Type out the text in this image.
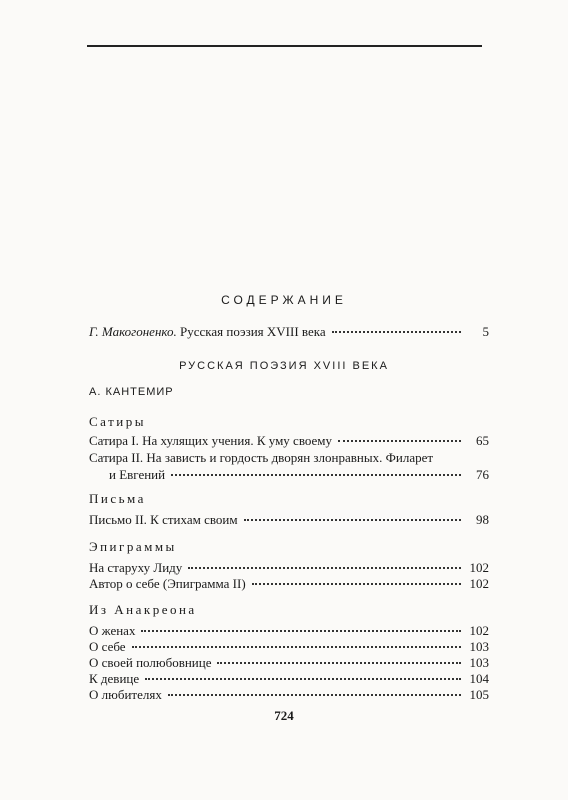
СОДЕРЖАНИЕ
Г. Макогоненко. Русская поэзия XVIII века	5
РУССКАЯ ПОЭЗИЯ XVIII ВЕКА
А. КАНТЕМИР
Сатиры
Сатира I. На хулящих учения. К уму своему	65
Сатира II. На зависть и гордость дворян злонравных. Филарет
и Евгений	76
Письма
Письмо II. К стихам своим	98
Эпиграммы
На старуху Лиду	102
Автор о себе (Эпиграмма II)	102
Из Анакреона
О женах	102
О себе	103
О своей полюбовнице	103
К девице	104
О любителях	105
724
